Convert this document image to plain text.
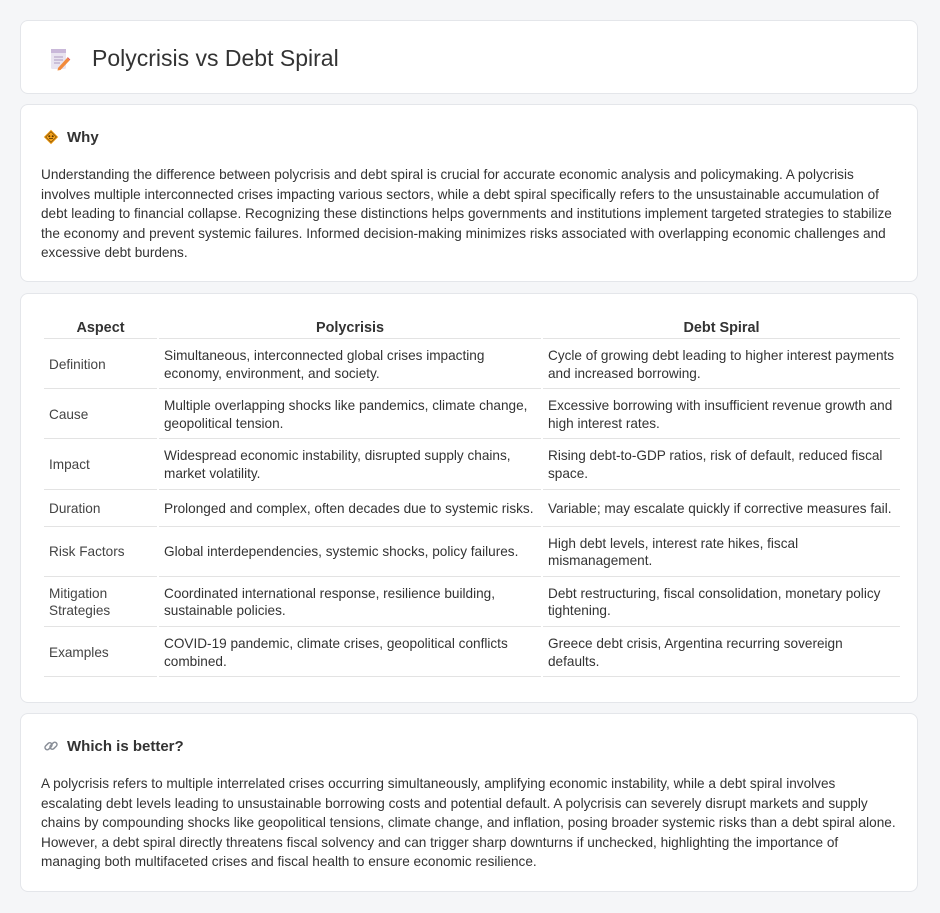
Polycrisis vs Debt Spiral
Why

Understanding the difference between polycrisis and debt spiral is crucial for accurate economic analysis and policymaking. A polycrisis involves multiple interconnected crises impacting various sectors, while a debt spiral specifically refers to the unsustainable accumulation of debt leading to financial collapse. Recognizing these distinctions helps governments and institutions implement targeted strategies to stabilize the economy and prevent systemic failures. Informed decision-making minimizes risks associated with overlapping economic challenges and excessive debt burdens.

Aspect	Polycrisis	Debt Spiral
Definition	Simultaneous, interconnected global crises impacting economy, environment, and society.	Cycle of growing debt leading to higher interest payments and increased borrowing.
Cause	Multiple overlapping shocks like pandemics, climate change, geopolitical tension.	Excessive borrowing with insufficient revenue growth and high interest rates.
Impact	Widespread economic instability, disrupted supply chains, market volatility.	Rising debt-to-GDP ratios, risk of default, reduced fiscal space.
Duration	Prolonged and complex, often decades due to systemic risks.	Variable; may escalate quickly if corrective measures fail.
Risk Factors	Global interdependencies, systemic shocks, policy failures.	High debt levels, interest rate hikes, fiscal mismanagement.
Mitigation Strategies	Coordinated international response, resilience building, sustainable policies.	Debt restructuring, fiscal consolidation, monetary policy tightening.
Examples	COVID-19 pandemic, climate crises, geopolitical conflicts combined.	Greece debt crisis, Argentina recurring sovereign defaults.
Which is better?

A polycrisis refers to multiple interrelated crises occurring simultaneously, amplifying economic instability, while a debt spiral involves escalating debt levels leading to unsustainable borrowing costs and potential default. A polycrisis can severely disrupt markets and supply chains by compounding shocks like geopolitical tensions, climate change, and inflation, posing broader systemic risks than a debt spiral alone. However, a debt spiral directly threatens fiscal solvency and can trigger sharp downturns if unchecked, highlighting the importance of managing both multifaceted crises and fiscal health to ensure economic resilience.
